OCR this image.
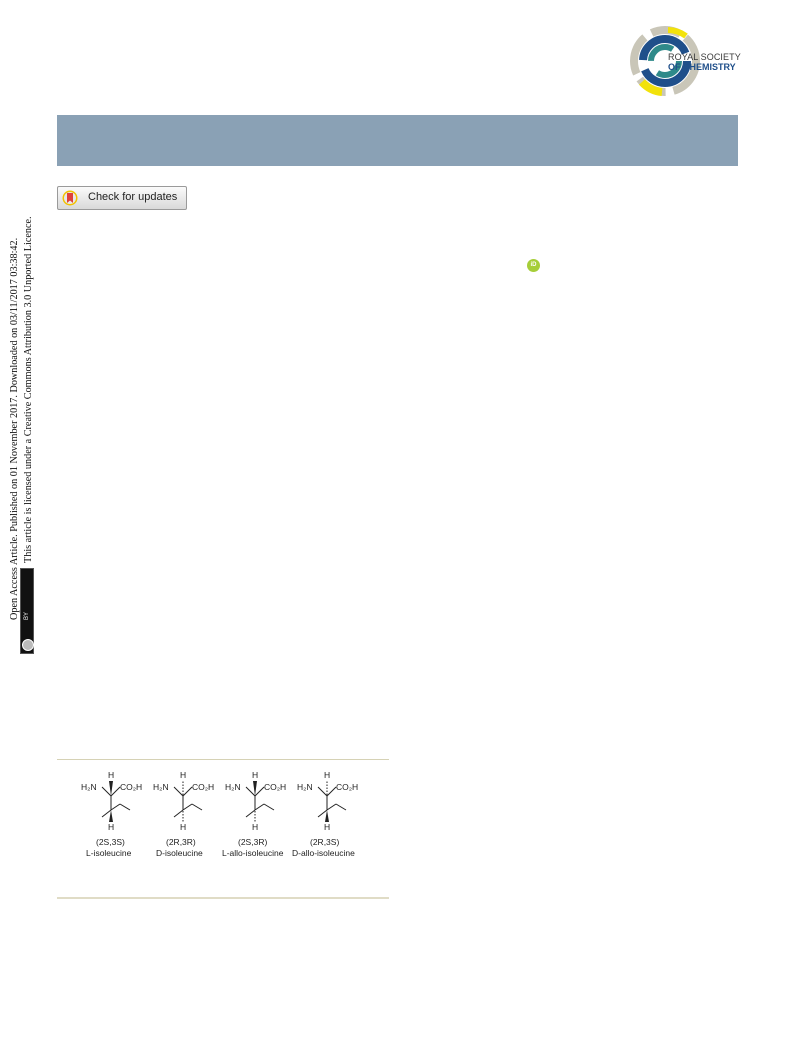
ROYAL SOCIETY
OF CHEMISTRY
Check for updates
iD
Open Access Article. Published on 01 November 2017. Downloaded on 03/11/2017 03:38:42. This article is licensed under a Creative Commons Attribution 3.0 Unported Licence.
BY
H
H₂N	CO₂H
H
(2S,3S)
L-isoleucine
H
H₂N	CO₂H
H
(2R,3R)
D-isoleucine
H
H₂N	CO₂H
H
(2S,3R)
L-allo-isoleucine
H
H₂N	CO₂H
H
(2R,3S)
D-allo-isoleucine
